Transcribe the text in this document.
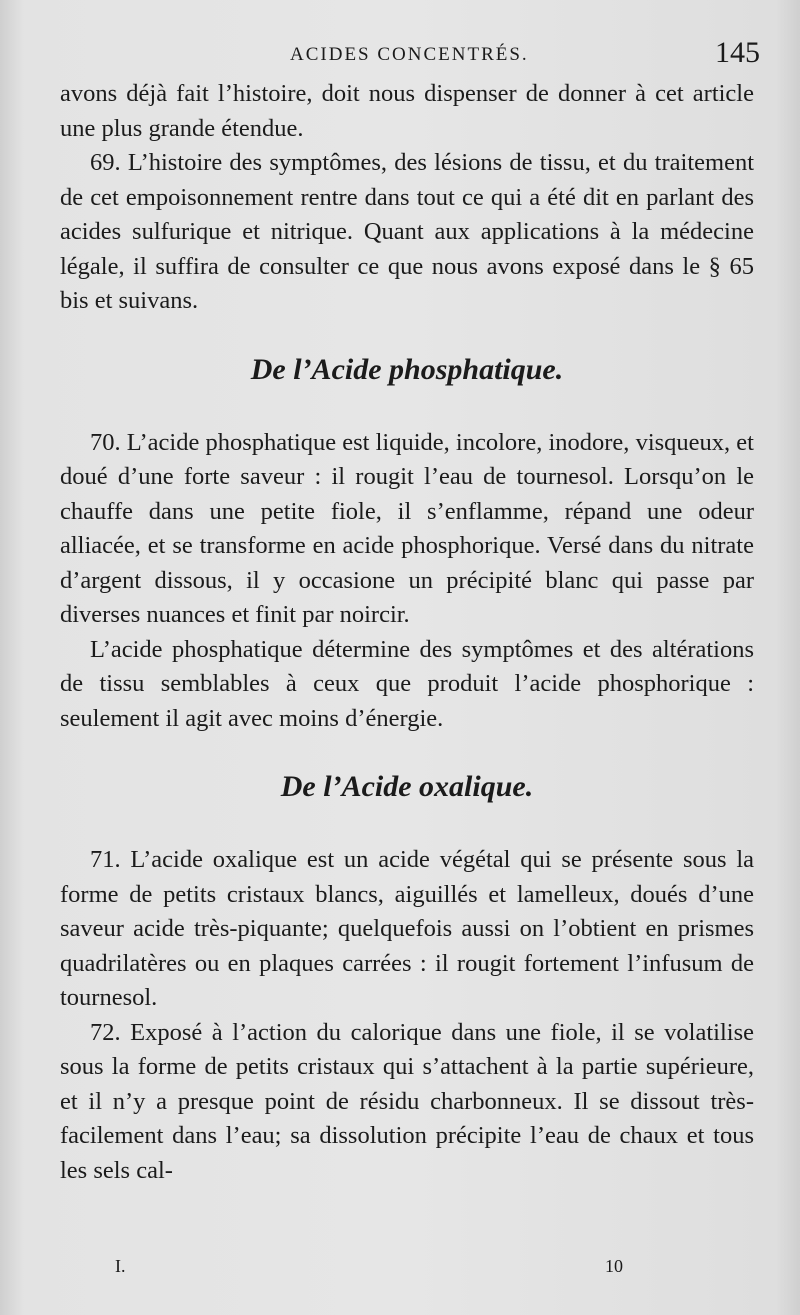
ACIDES CONCENTRÉS.	145

avons déjà fait l’histoire, doit nous dispenser de donner à cet article une plus grande étendue.

69. L’histoire des symptômes, des lésions de tissu, et du traitement de cet empoisonnement rentre dans tout ce qui a été dit en parlant des acides sulfurique et nitrique. Quant aux applications à la médecine légale, il suffira de consulter ce que nous avons exposé dans le § 65 bis et suivans.

De l’Acide phosphatique.

70. L’acide phosphatique est liquide, incolore, inodore, visqueux, et doué d’une forte saveur : il rougit l’eau de tournesol. Lorsqu’on le chauffe dans une petite fiole, il s’enflamme, répand une odeur alliacée, et se transforme en acide phosphorique. Versé dans du nitrate d’argent dissous, il y occasione un précipité blanc qui passe par diverses nuances et finit par noircir.

L’acide phosphatique détermine des symptômes et des altérations de tissu semblables à ceux que produit l’acide phosphorique : seulement il agit avec moins d’énergie.

De l’Acide oxalique.

71. L’acide oxalique est un acide végétal qui se présente sous la forme de petits cristaux blancs, aiguillés et lamelleux, doués d’une saveur acide très-piquante; quelquefois aussi on l’obtient en prismes quadrilatères ou en plaques carrées : il rougit fortement l’infusum de tournesol.

72. Exposé à l’action du calorique dans une fiole, il se volatilise sous la forme de petits cristaux qui s’attachent à la partie supérieure, et il n’y a presque point de résidu charbonneux. Il se dissout très-facilement dans l’eau; sa dissolution précipite l’eau de chaux et tous les sels cal-

I.	10
